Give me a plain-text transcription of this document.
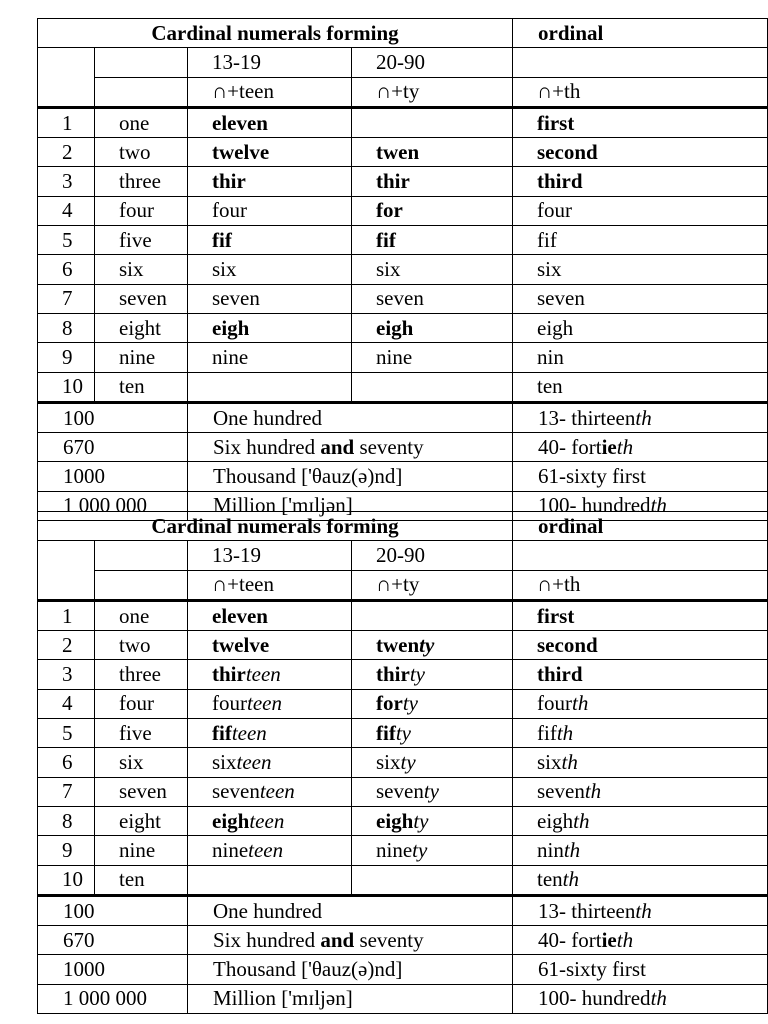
Cardinal numerals forming				ordinal
		13-19	20-90	
		∩+teen	∩+ty	∩+th
1	one	eleven		first
2	two	twelve	twen	second
3	three	thir	thir	third
4	four	four	for	four
5	five	fif	fif	fif
6	six	six	six	six
7	seven	seven	seven	seven
8	eight	eigh	eigh	eigh
9	nine	nine	nine	nin
10	ten			ten
100		One hundred		13- thirteenth
670		Six hundred and seventy		40- fortieth
1000		Thousand ['θauz(ə)nd]		61-sixty first
1 000 000		Million ['mɪljən]		100- hundredth
Cardinal numerals forming				ordinal
		13-19	20-90	
		∩+teen	∩+ty	∩+th
1	one	eleven		first
2	two	twelve	twenty	second
3	three	thirteen	thirty	third
4	four	fourteen	forty	fourth
5	five	fifteen	fifty	fifth
6	six	sixteen	sixty	sixth
7	seven	seventeen	seventy	seventh
8	eight	eighteen	eighty	eighth
9	nine	nineteen	ninety	ninth
10	ten			tenth
100		One hundred		13- thirteenth
670		Six hundred and seventy		40- fortieth
1000		Thousand ['θauz(ə)nd]		61-sixty first
1 000 000		Million ['mɪljən]		100- hundredth
